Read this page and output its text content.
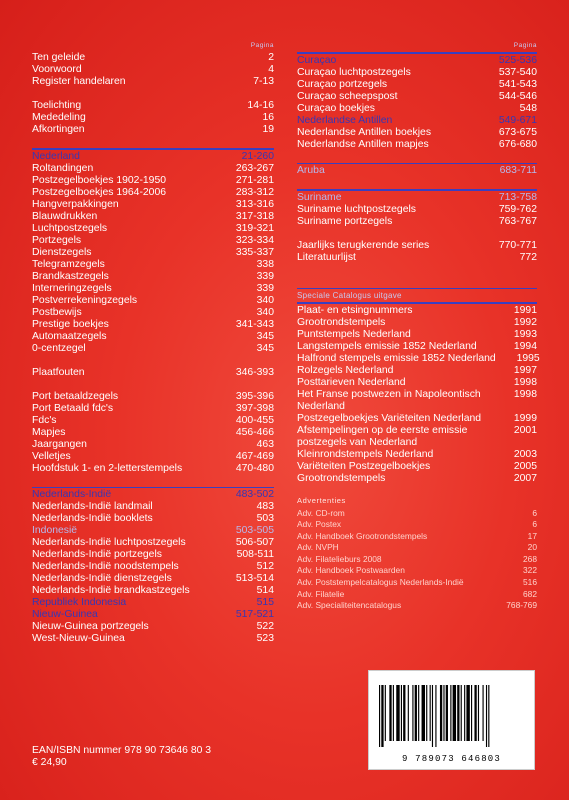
Pagina
Ten geleide	2
Voorwoord	4
Register handelaren	7-13
Toelichting	14-16
Mededeling	16
Afkortingen	19
Nederland	21-260
Roltandingen	263-267
Postzegelboekjes 1902-1950	271-281
Postzegelboekjes 1964-2006	283-312
Hangverpakkingen	313-316
Blauwdrukken	317-318
Luchtpostzegels	319-321
Portzegels	323-334
Dienstzegels	335-337
Telegramzegels	338
Brandkastzegels	339
Interneringzegels	339
Postverrekeningzegels	340
Postbewijs	340
Prestige boekjes	341-343
Automaatzegels	345
0-centzegel	345
Plaatfouten	346-393
Port betaaldzegels	395-396
Port Betaald fdc's	397-398
Fdc's	400-455
Mapjes	456-466
Jaargangen	463
Velletjes	467-469
Hoofdstuk 1- en 2-letterstempels	470-480
Nederlands-Indië	483-502
Nederlands-Indië landmail	483
Nederlands-Indië booklets	503
Indonesië	503-505
Nederlands-Indië luchtpostzegels	506-507
Nederlands-Indië portzegels	508-511
Nederlands-Indië noodstempels	512
Nederlands-Indië dienstzegels	513-514
Nederlands-Indië brandkastzegels	514
Republiek Indonesia	515
Nieuw-Guinea	517-521
Nieuw-Guinea portzegels	522
West-Nieuw-Guinea	523
Pagina
Curaçao	525-536
Curaçao luchtpostzegels	537-540
Curaçao portzegels	541-543
Curaçao scheepspost	544-546
Curaçao boekjes	548
Nederlandse Antillen	549-671
Nederlandse Antillen boekjes	673-675
Nederlandse Antillen mapjes	676-680
Aruba	683-711
Suriname	713-758
Suriname luchtpostzegels	759-762
Suriname portzegels	763-767
Jaarlijks terugkerende series	770-771
Literatuurlijst	772
Speciale Catalogus uitgave
Plaat- en etsingnummers	1991
Grootrondstempels	1992
Puntstempels Nederland	1993
Langstempels emissie 1852 Nederland	1994
Halfrond stempels emissie 1852 Nederland	1995
Rolzegels Nederland	1997
Posttarieven Nederland	1998
Het Franse postwezen in Napoleontisch Nederland
1998
Postzegelboekjes Variëteiten Nederland	1999
Afstempelingen op de eerste emissie postzegels van Nederland
2001
Kleinrondstempels Nederland	2003
Variëteiten Postzegelboekjes	2005
Grootrondstempels	2007
Advertenties
Adv. CD-rom	6
Adv. Postex	6
Adv. Handboek Grootrondstempels	17
Adv. NVPH	20
Adv. Filatelieburs 2008	268
Adv. Handboek Postwaarden	322
Adv. Poststempelcatalogus Nederlands-Indië	516
Adv. Filatelie	682
Adv. Specialiteitencatalogus	768-769
EAN/ISBN nummer 978 90 73646 80 3
€ 24,90	9 789073 646803
